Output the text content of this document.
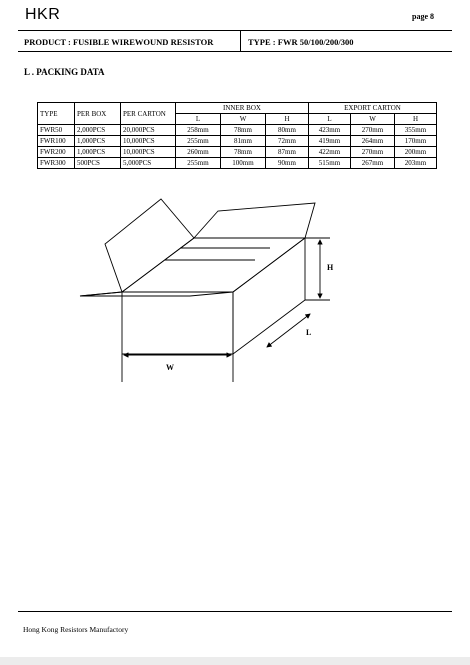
HKR	page 8
PRODUCT : FUSIBLE WIREWOUND RESISTOR	TYPE : FWR 50/100/200/300
L . PACKING DATA
TYPE	PER BOX	PER CARTON	INNER BOX			EXPORT CARTON		
			L	W	H	L	W	H
FWR50	2,000PCS	20,000PCS	258mm	78mm	80mm	423mm	270mm	355mm
FWR100	1,000PCS	10,000PCS	255mm	81mm	72mm	419mm	264mm	170mm
FWR200	1,000PCS	10,000PCS	260mm	78mm	87mm	422mm	270mm	200mm
FWR300	500PCS	5,000PCS	255mm	100mm	90mm	515mm	267mm	203mm
H
L
W
Hong Kong Resistors Manufactory
